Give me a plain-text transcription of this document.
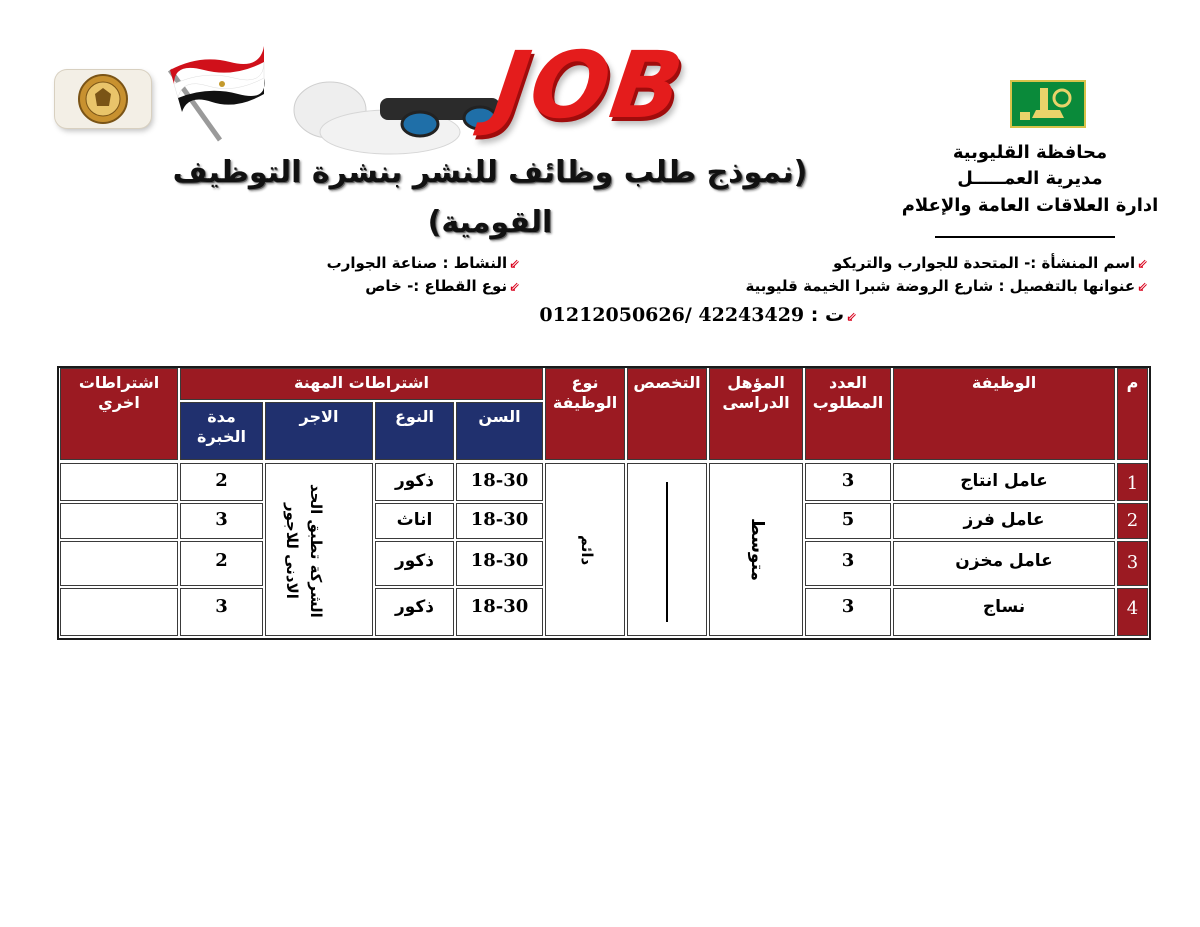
JOB
(نموذج طلب وظائف للنشر بنشرة التوظيف القومية)
محافظة القليوبية
مديرية العمـــــل
ادارة العلاقات العامة والإعلام
⇙اسم المنشأة :- المتحدة للجوارب والتريكو
⇙النشاط : صناعة الجوارب
⇙عنوانها بالتفصيل : شارع الروضة شبرا الخيمة قليوبية
⇙نوع القطاع :- خاص
⇙ت : 01212050626/ 42243429
م
الوظيفة
العدد المطلوب
المؤهل الدراسى
التخصص
نوع الوظيفة
اشتراطات المهنة
السن
النوع
الاجر
مدة الخبرة
اشتراطات اخري
1
عامل انتاج
3
18-30
ذكور
2
2
عامل فرز
5
18-30
اناث
3
3
عامل مخزن
3
18-30
ذكور
2
4
نساج
3
18-30
ذكور
3
متوسط
دائم
الشركة تطبق الحد الادنى للاجور
